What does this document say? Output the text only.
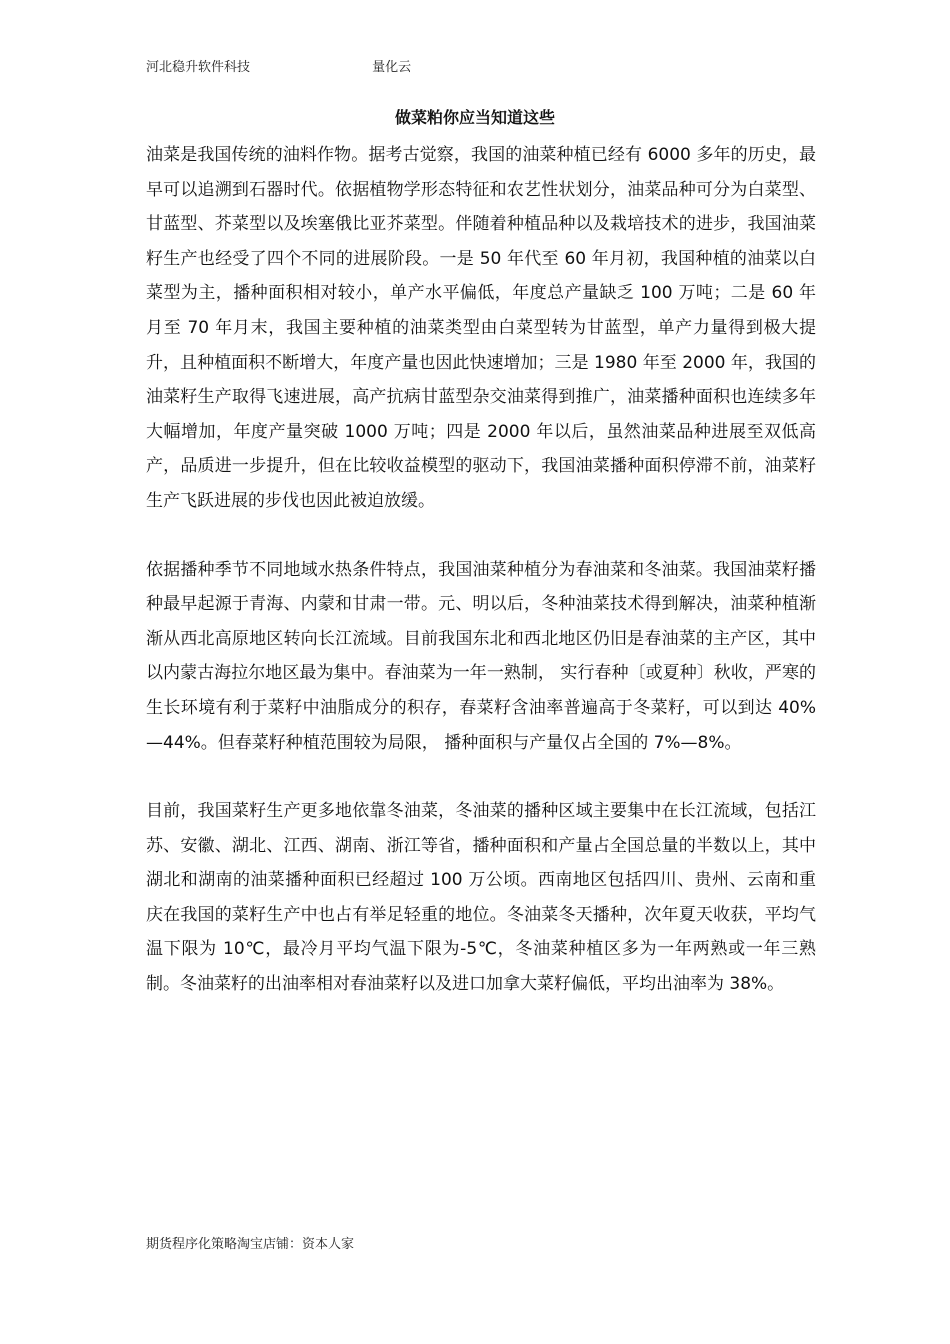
河北稳升软件科技	量化云
做菜粕你应当知道这些

油菜是我国传统的油料作物。据考古觉察，我国的油菜种植已经有 6000 多年的历史，最早可以追溯到石器时代。依据植物学形态特征和农艺性状划分，油菜品种可分为白菜型、甘蓝型、芥菜型以及埃塞俄比亚芥菜型。伴随着种植品种以及栽培技术的进步，我国油菜籽生产也经受了四个不同的进展阶段。一是 50 年代至 60 年月初，我国种植的油菜以白菜型为主，播种面积相对较小，单产水平偏低，年度总产量缺乏 100 万吨；二是 60 年月至 70 年月末，我国主要种植的油菜类型由白菜型转为甘蓝型，单产力量得到极大提升，且种植面积不断增大，年度产量也因此快速增加；三是 1980 年至 2000 年，我国的油菜籽生产取得飞速进展，高产抗病甘蓝型杂交油菜得到推广，油菜播种面积也连续多年大幅增加，年度产量突破 1000 万吨；四是 2000 年以后，虽然油菜品种进展至双低高产，品质进一步提升，但在比较收益模型的驱动下，我国油菜播种面积停滞不前，油菜籽生产飞跃进展的步伐也因此被迫放缓。

依据播种季节不同地域水热条件特点，我国油菜种植分为春油菜和冬油菜。我国油菜籽播种最早起源于青海、内蒙和甘肃一带。元、明以后，冬种油菜技术得到解决，油菜种植渐渐从西北高原地区转向长江流域。目前我国东北和西北地区仍旧是春油菜的主产区，其中以内蒙古海拉尔地区最为集中。春油菜为一年一熟制， 实行春种〔或夏种〕秋收，严寒的生长环境有利于菜籽中油脂成分的积存，春菜籽含油率普遍高于冬菜籽，可以到达 40%—44%。但春菜籽种植范围较为局限， 播种面积与产量仅占全国的 7%—8%。

目前，我国菜籽生产更多地依靠冬油菜，冬油菜的播种区域主要集中在长江流域，包括江苏、安徽、湖北、江西、湖南、浙江等省，播种面积和产量占全国总量的半数以上，其中湖北和湖南的油菜播种面积已经超过 100 万公顷。西南地区包括四川、贵州、云南和重庆在我国的菜籽生产中也占有举足轻重的地位。冬油菜冬天播种，次年夏天收获，平均气温下限为 10℃，最冷月平均气温下限为-5℃，冬油菜种植区多为一年两熟或一年三熟制。冬油菜籽的出油率相对春油菜籽以及进口加拿大菜籽偏低，平均出油率为 38%。

期货程序化策略淘宝店铺：资本人家
